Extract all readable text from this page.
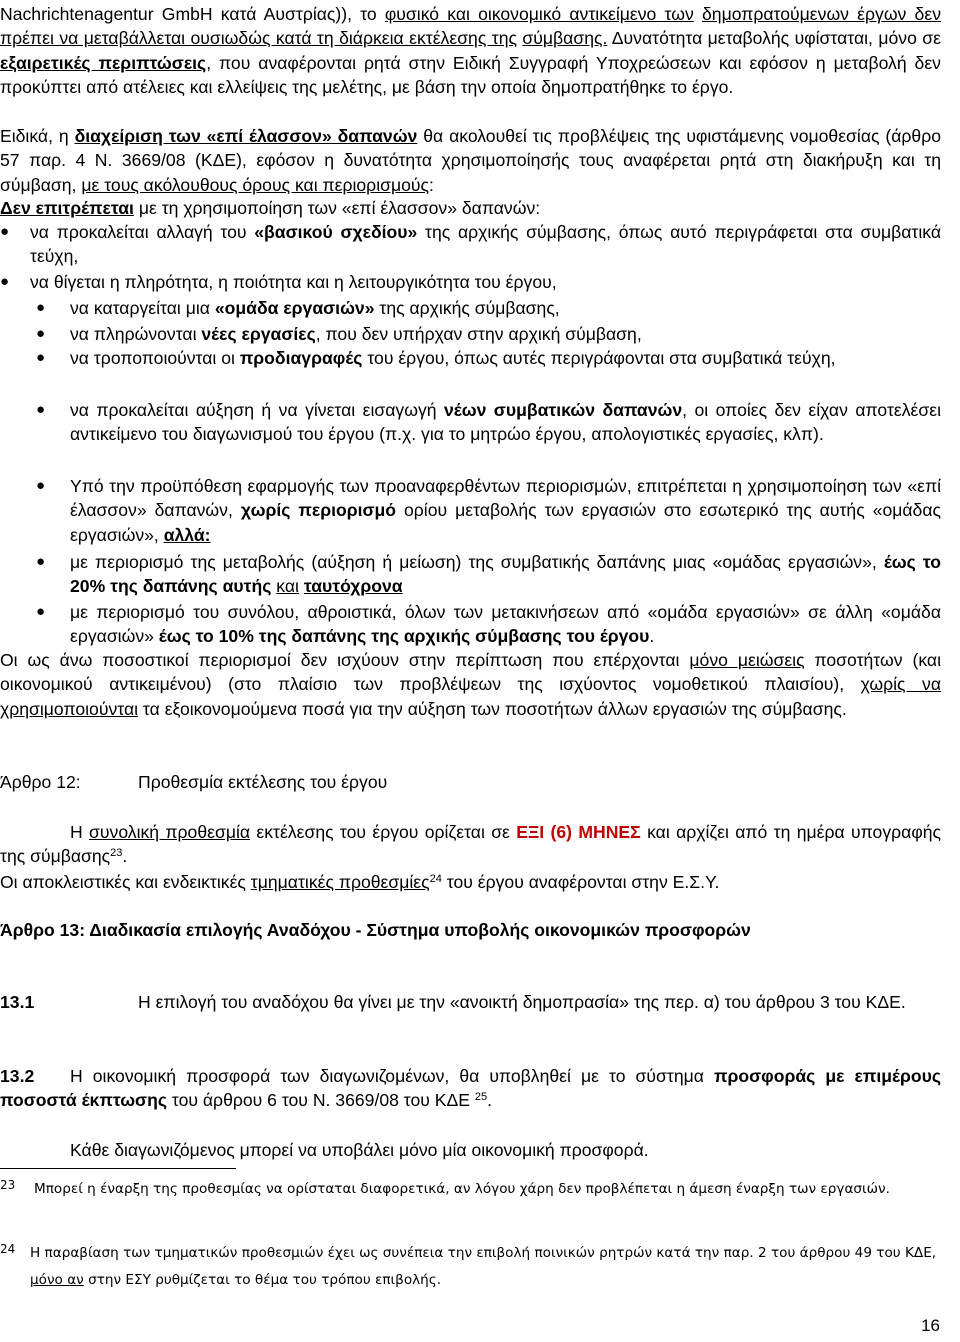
Nachrichtenagentur GmbH κατά Αυστρίας)), το φυσικό και οικονομικό αντικείμενο των δημοπρατούμενων έργων δεν πρέπει να μεταβάλλεται ουσιωδώς κατά τη διάρκεια εκτέλεσης της σύμβασης. Δυνατότητα μεταβολής υφίσταται, μόνο σε εξαιρετικές περιπτώσεις, που αναφέρονται ρητά στην Ειδική Συγγραφή Υποχρεώσεων και εφόσον η μεταβολή δεν προκύπτει από ατέλειες και ελλείψεις της μελέτης, με βάση την οποία δημοπρατήθηκε το έργο.

Ειδικά, η διαχείριση των «επί έλασσον» δαπανών θα ακολουθεί τις προβλέψεις της υφιστάμενης νομοθεσίας (άρθρο 57 παρ. 4 Ν. 3669/08 (ΚΔΕ), εφόσον η δυνατότητα χρησιμοποίησής τους αναφέρεται ρητά στη διακήρυξη και τη σύμβαση, με τους ακόλουθους όρους και περιορισμούς:

Δεν επιτρέπεται με τη χρησιμοποίηση των «επί έλασσον» δαπανών:

●	να προκαλείται αλλαγή του «βασικού σχεδίου» της αρχικής σύμβασης, όπως αυτό περιγράφεται στα συμβατικά τεύχη,

●	να θίγεται η πληρότητα, η ποιότητα και η λειτουργικότητα του έργου,

●	να καταργείται μια «ομάδα εργασιών» της αρχικής σύμβασης,

●	να πληρώνονται νέες εργασίες, που δεν υπήρχαν στην αρχική σύμβαση,

●	να τροποποιούνται οι προδιαγραφές του έργου, όπως αυτές περιγράφονται στα συμβατικά τεύχη,

●	να προκαλείται αύξηση ή να γίνεται εισαγωγή νέων συμβατικών δαπανών, οι οποίες δεν είχαν αποτελέσει αντικείμενο του διαγωνισμού του έργου (π.χ. για το μητρώο έργου, απολογιστικές εργασίες, κλπ).

●	Υπό την προϋπόθεση εφαρμογής των προαναφερθέντων περιορισμών, επιτρέπεται η χρησιμοποίηση των «επί έλασσον» δαπανών, χωρίς περιορισμό ορίου μεταβολής των εργασιών στο εσωτερικό της αυτής «ομάδας εργασιών», αλλά:

●	με περιορισμό της μεταβολής (αύξηση ή μείωση) της συμβατικής δαπάνης μιας «ομάδας εργασιών», έως το 20% της δαπάνης αυτής και ταυτόχρονα

●	με περιορισμό του συνόλου, αθροιστικά, όλων των μετακινήσεων από «ομάδα εργασιών» σε άλλη «ομάδα εργασιών» έως το 10% της δαπάνης της αρχικής σύμβασης του έργου.

Οι ως άνω ποσοστικοί περιορισμοί δεν ισχύουν στην περίπτωση που επέρχονται μόνο μειώσεις ποσοτήτων (και οικονομικού αντικειμένου) (στο πλαίσιο των προβλέψεων της ισχύοντος νομοθετικού πλαισίου), χωρίς να χρησιμοποιούνται τα εξοικονομούμενα ποσά για την αύξηση των ποσοτήτων άλλων εργασιών της σύμβασης.

Άρθρο 12:	Προθεσμία εκτέλεσης του έργου

Η συνολική προθεσμία εκτέλεσης του έργου ορίζεται σε ΕΞΙ (6) ΜΗΝΕΣ και αρχίζει από τη ημέρα υπογραφής της σύμβασης$^{23}$.

Οι αποκλειστικές και ενδεικτικές τμηματικές προθεσμίες$^{24}$ του έργου αναφέρονται στην Ε.Σ.Υ.

Άρθρο 13: Διαδικασία επιλογής Αναδόχου - Σύστημα υποβολής οικονομικών προσφορών

13.1	Η επιλογή του αναδόχου θα γίνει με την «ανοικτή δημοπρασία» της περ. α) του άρθρου 3 του ΚΔΕ.

13.2 Η οικονομική προσφορά των διαγωνιζομένων, θα υποβληθεί με το σύστημα προσφοράς με επιμέρους ποσοστά έκπτωσης του άρθρου 6 του Ν. 3669/08 του ΚΔΕ $^{25}$.

Κάθε διαγωνιζόμενος μπορεί να υποβάλει μόνο μία οικονομική προσφορά.

23	Μπορεί η έναρξη της προθεσμίας να ορίσταται διαφορετικά, αν λόγου χάρη δεν προβλέπεται η άμεση έναρξη των εργασιών.

24	Η παραβίαση των τμηματικών προθεσμιών έχει ως συνέπεια την επιβολή ποινικών ρητρών κατά την παρ. 2 του άρθρου 49 του ΚΔΕ, μόνο αν στην ΕΣΥ ρυθμίζεται το θέμα του τρόπου επιβολής.

16
